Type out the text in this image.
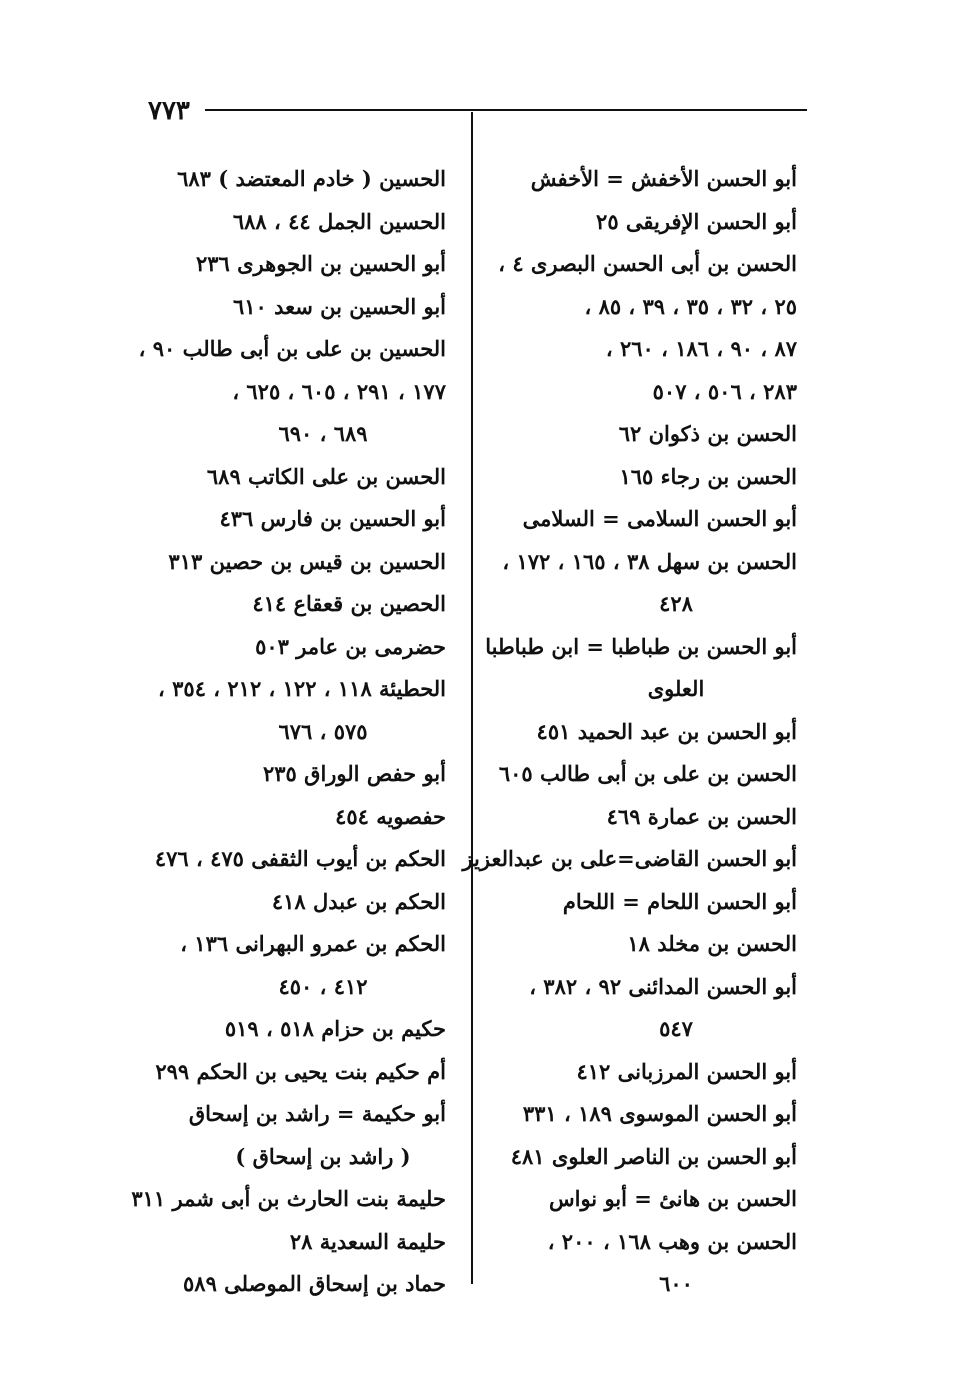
٧٧٣
أبو الحسن الأخفش = الأخفش
أبو الحسن الإفريقى ٢٥
الحسن بن أبى الحسن البصرى ٤ ،
٢٥ ، ٣٢ ، ٣٥ ، ٣٩ ، ٨٥ ،
٨٧ ، ٩٠ ، ١٨٦ ، ٢٦٠ ،
٢٨٣ ، ٥٠٦ ، ٥٠٧
الحسن بن ذكوان ٦٢
الحسن بن رجاء ١٦٥
أبو الحسن السلامى = السلامى
الحسن بن سهل ٣٨ ، ١٦٥ ، ١٧٢ ،
٤٢٨
أبو الحسن بن طباطبا = ابن طباطبا
العلوى
أبو الحسن بن عبد الحميد ٤٥١
الحسن بن على بن أبى طالب ٦٠٥
الحسن بن عمارة ٤٦٩
أبو الحسن القاضى=على بن عبدالعزيز
أبو الحسن اللحام = اللحام
الحسن بن مخلد ١٨
أبو الحسن المدائنى ٩٢ ، ٣٨٢ ،
٥٤٧
أبو الحسن المرزبانى ٤١٢
أبو الحسن الموسوى ١٨٩ ، ٣٣١
أبو الحسن بن الناصر العلوى ٤٨١
الحسن بن هانئ = أبو نواس
الحسن بن وهب ١٦٨ ، ٢٠٠ ،
٦٠٠
الحسين ( خادم المعتضد ) ٦٨٣
الحسين الجمل ٤٤ ، ٦٨٨
أبو الحسين بن الجوهرى ٢٣٦
أبو الحسين بن سعد ٦١٠
الحسين بن على بن أبى طالب ٩٠ ،
١٧٧ ، ٢٩١ ، ٦٠٥ ، ٦٢٥ ،
٦٨٩ ، ٦٩٠
الحسن بن على الكاتب ٦٨٩
أبو الحسين بن فارس ٤٣٦
الحسين بن قيس بن حصين ٣١٣
الحصين بن قعقاع ٤١٤
حضرمى بن عامر ٥٠٣
الحطيئة ١١٨ ، ١٢٢ ، ٢١٢ ، ٣٥٤ ،
٥٧٥ ، ٦٧٦
أبو حفص الوراق ٢٣٥
حفصويه ٤٥٤
الحكم بن أيوب الثقفى ٤٧٥ ، ٤٧٦
الحكم بن عبدل ٤١٨
الحكم بن عمرو البهرانى ١٣٦ ،
٤١٢ ، ٤٥٠
حكيم بن حزام ٥١٨ ، ٥١٩
أم حكيم بنت يحيى بن الحكم ٢٩٩
أبو حكيمة = راشد بن إسحاق
( راشد بن إسحاق )
حليمة بنت الحارث بن أبى شمر ٣١١
حليمة السعدية ٢٨
حماد بن إسحاق الموصلى ٥٨٩
